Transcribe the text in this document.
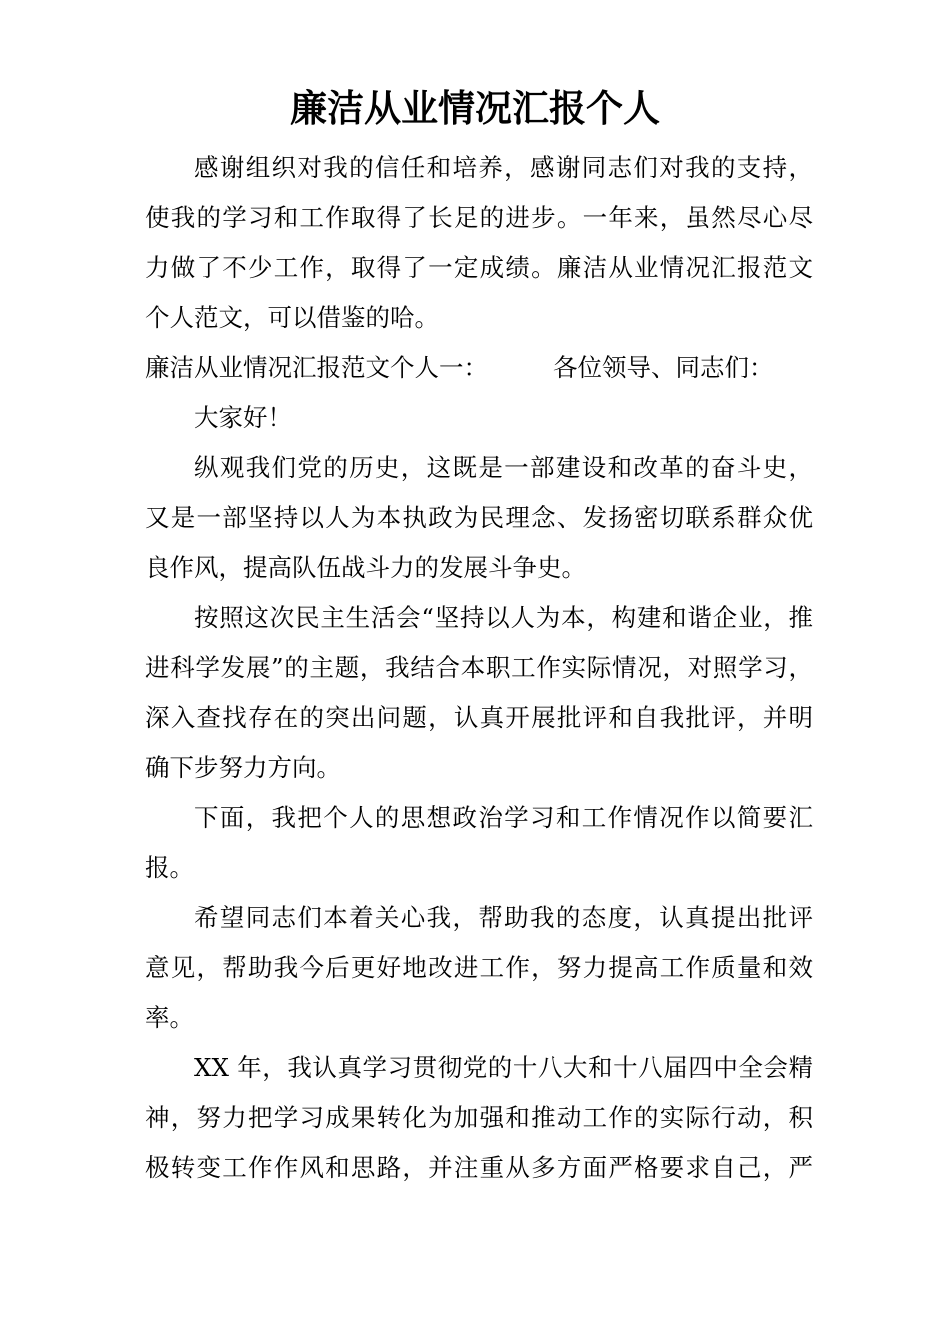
廉洁从业情况汇报个人
感谢组织对我的信任和培养，感谢同志们对我的支持，
使我的学习和工作取得了长足的进步。一年来，虽然尽心尽
力做了不少工作，取得了一定成绩。廉洁从业情况汇报范文
个人范文，可以借鉴的哈。
廉洁从业情况汇报范文个人一：	各位领导、同志们：
大家好！
纵观我们党的历史，这既是一部建设和改革的奋斗史，
又是一部坚持以人为本执政为民理念、发扬密切联系群众优
良作风，提高队伍战斗力的发展斗争史。
按照这次民主生活会“坚持以人为本，构建和谐企业，推
进科学发展”的主题，我结合本职工作实际情况，对照学习，
深入查找存在的突出问题，认真开展批评和自我批评，并明
确下步努力方向。
下面，我把个人的思想政治学习和工作情况作以简要汇
报。
希望同志们本着关心我，帮助我的态度，认真提出批评
意见，帮助我今后更好地改进工作，努力提高工作质量和效
率。
XX 年，我认真学习贯彻党的十八大和十八届四中全会精
神，努力把学习成果转化为加强和推动工作的实际行动，积
极转变工作作风和思路，并注重从多方面严格要求自己，严
